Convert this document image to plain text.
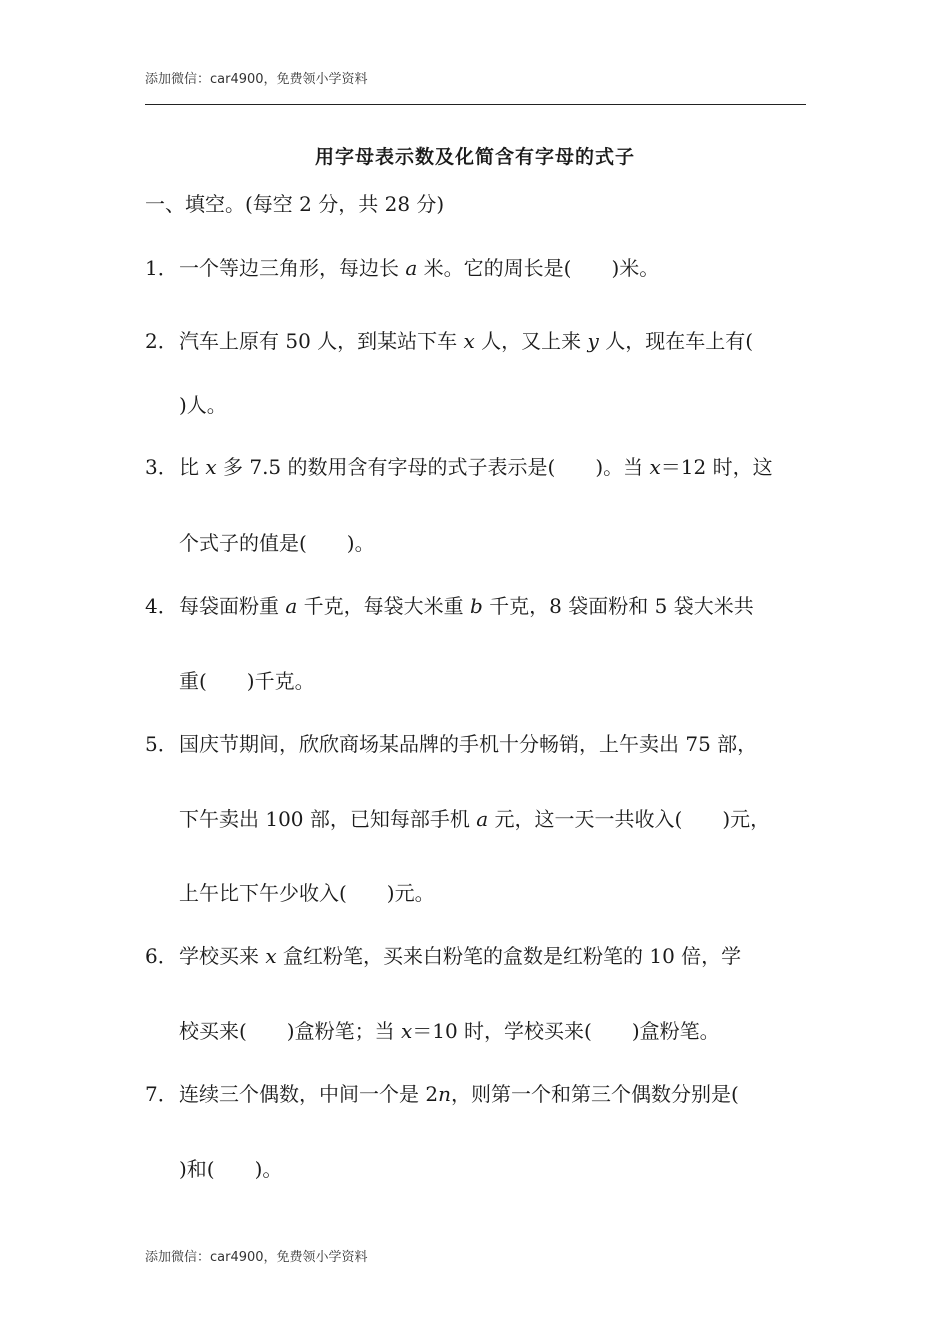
添加微信：car4900，免费领小学资料
用字母表示数及化简含有字母的式子
一、填空。(每空 2 分，共 28 分)
1． 一个等边三角形，每边长 a 米。它的周长是(　　)米。
2． 汽车上原有 50 人，到某站下车 x 人，又上来 y 人，现在车上有(
)人。
3． 比 x 多 7.5 的数用含有字母的式子表示是(　　)。当 x＝12 时，这
个式子的值是(　　)。
4． 每袋面粉重 a 千克，每袋大米重 b 千克，8 袋面粉和 5 袋大米共
重(　　)千克。
5． 国庆节期间，欣欣商场某品牌的手机十分畅销，上午卖出 75 部，
下午卖出 100 部，已知每部手机 a 元，这一天一共收入(　　)元，
上午比下午少收入(　　)元。
6． 学校买来 x 盒红粉笔，买来白粉笔的盒数是红粉笔的 10 倍，学
校买来(　　)盒粉笔；当 x＝10 时，学校买来(　　)盒粉笔。
7． 连续三个偶数，中间一个是 2n，则第一个和第三个偶数分别是(
)和(　　)。
添加微信：car4900，免费领小学资料
